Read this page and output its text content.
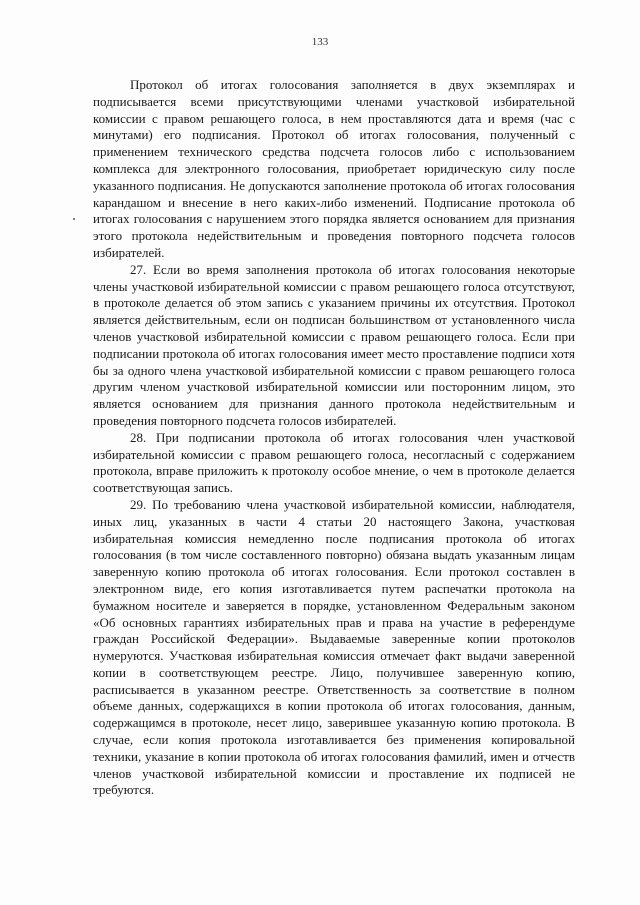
133

Протокол об итогах голосования заполняется в двух экземплярах и подписывается всеми присутствующими членами участковой избирательной комиссии с правом решающего голоса, в нем проставляются дата и время (час с минутами) его подписания. Протокол об итогах голосования, полученный с применением технического средства подсчета голосов либо с использованием комплекса для электронного голосования, приобретает юридическую силу после указанного подписания. Не допускаются заполнение протокола об итогах голосования карандашом и внесение в него каких-либо изменений. Подписание протокола об итогах голосования с нарушением этого порядка является основанием для признания этого протокола недействительным и проведения повторного подсчета голосов избирателей.

27. Если во время заполнения протокола об итогах голосования некоторые члены участковой избирательной комиссии с правом решающего голоса отсутствуют, в протоколе делается об этом запись с указанием причины их отсутствия. Протокол является действительным, если он подписан большинством от установленного числа членов участковой избирательной комиссии с правом решающего голоса. Если при подписании протокола об итогах голосования имеет место проставление подписи хотя бы за одного члена участковой избирательной комиссии с правом решающего голоса другим членом участковой избирательной комиссии или посторонним лицом, это является основанием для признания данного протокола недействительным и проведения повторного подсчета голосов избирателей.

28. При подписании протокола об итогах голосования член участковой избирательной комиссии с правом решающего голоса, несогласный с содержанием протокола, вправе приложить к протоколу особое мнение, о чем в протоколе делается соответствующая запись.

29. По требованию члена участковой избирательной комиссии, наблюдателя, иных лиц, указанных в части 4 статьи 20 настоящего Закона, участковая избирательная комиссия немедленно после подписания протокола об итогах голосования (в том числе составленного повторно) обязана выдать указанным лицам заверенную копию протокола об итогах голосования. Если протокол составлен в электронном виде, его копия изготавливается путем распечатки протокола на бумажном носителе и заверяется в порядке, установленном Федеральным законом «Об основных гарантиях избирательных прав и права на участие в референдуме граждан Российской Федерации». Выдаваемые заверенные копии протоколов нумеруются. Участковая избирательная комиссия отмечает факт выдачи заверенной копии в соответствующем реестре. Лицо, получившее заверенную копию, расписывается в указанном реестре. Ответственность за соответствие в полном объеме данных, содержащихся в копии протокола об итогах голосования, данным, содержащимся в протоколе, несет лицо, заверившее указанную копию протокола. В случае, если копия протокола изготавливается без применения копировальной техники, указание в копии протокола об итогах голосования фамилий, имен и отчеств членов участковой избирательной комиссии и проставление их подписей не требуются.
